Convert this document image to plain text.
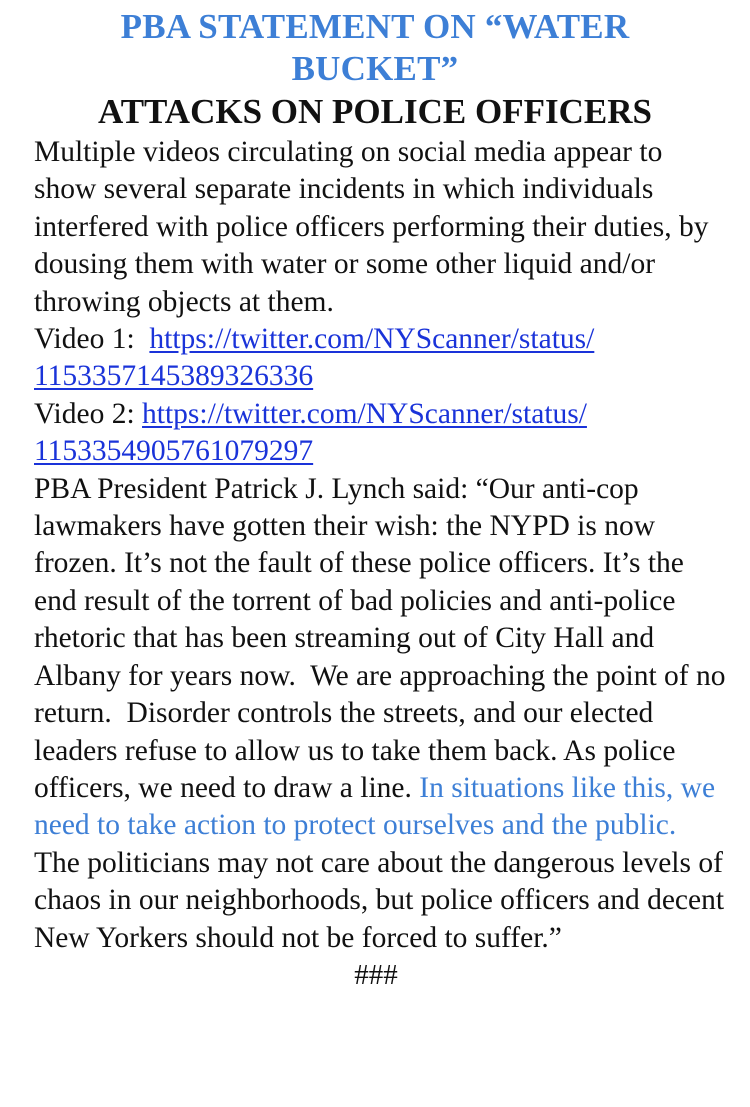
PBA STATEMENT ON “WATER
BUCKET”
ATTACKS ON POLICE OFFICERS

Multiple videos circulating on social media appear to show several separate incidents in which individuals interfered with police officers performing their duties, by dousing them with water or some other liquid and/or throwing objects at them.

Video 1:  https://twitter.com/NYScanner/status/
1153357145389326336

Video 2: https://twitter.com/NYScanner/status/
1153354905761079297

PBA President Patrick J. Lynch said: “Our anti-cop lawmakers have gotten their wish: the NYPD is now frozen. It’s not the fault of these police officers. It’s the end result of the torrent of bad policies and anti-police rhetoric that has been streaming out of City Hall and Albany for years now.  We are approaching the point of no return.  Disorder controls the streets, and our elected leaders refuse to allow us to take them back. As police officers, we need to draw a line. In situations like this, we need to take action to protect ourselves and the public. The politicians may not care about the dangerous levels of chaos in our neighborhoods, but police officers and decent New Yorkers should not be forced to suffer.”

###
